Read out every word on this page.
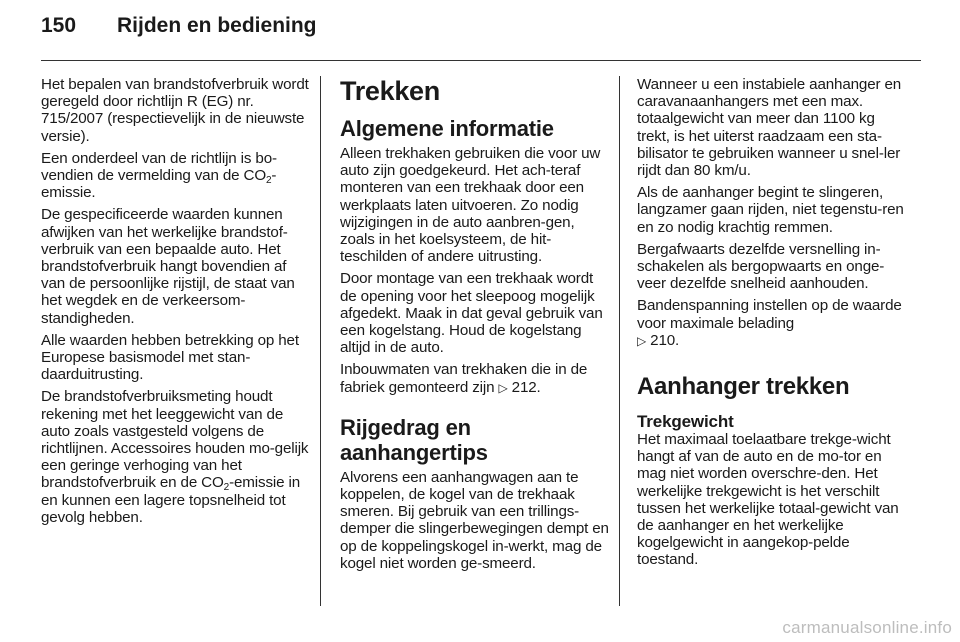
150	Rijden en bediening

Het bepalen van brandstofverbruik wordt geregeld door richtlijn R (EG) nr. 715/2007 (respectievelijk in de nieuwste versie).

Een onderdeel van de richtlijn is bo-vendien de vermelding van de $CO_2$-emissie.

De gespecificeerde waarden kunnen afwijken van het werkelijke brandstof-verbruik van een bepaalde auto. Het brandstofverbruik hangt bovendien af van de persoonlijke rijstijl, de staat van het wegdek en de verkeersom-standigheden.

Alle waarden hebben betrekking op het Europese basismodel met stan-daarduitrusting.

De brandstofverbruiksmeting houdt rekening met het leeggewicht van de auto zoals vastgesteld volgens de richtlijnen. Accessoires houden mo-gelijk een geringe verhoging van het brandstofverbruik en de $CO_2$-emissie in en kunnen een lagere topsnelheid tot gevolg hebben.

Trekken
Algemene informatie

Alleen trekhaken gebruiken die voor uw auto zijn goedgekeurd. Het ach-teraf monteren van een trekhaak door een werkplaats laten uitvoeren. Zo nodig wijzigingen in de auto aanbren-gen, zoals in het koelsysteem, de hit-teschilden of andere uitrusting.

Door montage van een trekhaak wordt de opening voor het sleepoog mogelijk afgedekt. Maak in dat geval gebruik van een kogelstang. Houd de kogelstang altijd in de auto.

Inbouwmaten van trekhaken die in de fabriek gemonteerd zijn ▷ 212.

Rijgedrag en aanhangertips

Alvorens een aanhangwagen aan te koppelen, de kogel van de trekhaak smeren. Bij gebruik van een trillings-demper die slingerbewegingen dempt en op de koppelingskogel in-werkt, mag de kogel niet worden ge-smeerd.

Wanneer u een instabiele aanhanger en caravanaanhangers met een max. totaalgewicht van meer dan 1100 kg trekt, is het uiterst raadzaam een sta-bilisator te gebruiken wanneer u snel-ler rijdt dan 80 km/u.

Als de aanhanger begint te slingeren, langzamer gaan rijden, niet tegenstu-ren en zo nodig krachtig remmen.

Bergafwaarts dezelfde versnelling in-schakelen als bergopwaarts en onge-veer dezelfde snelheid aanhouden.

Bandenspanning instellen op de waarde voor maximale belading
▷ 210.

Aanhanger trekken
Trekgewicht

Het maximaal toelaatbare trekge-wicht hangt af van de auto en de mo-tor en mag niet worden overschre-den. Het werkelijke trekgewicht is het verschilt tussen het werkelijke totaal-gewicht van de aanhanger en het werkelijke kogelgewicht in aangekop-pelde toestand.

carmanualsonline.info
